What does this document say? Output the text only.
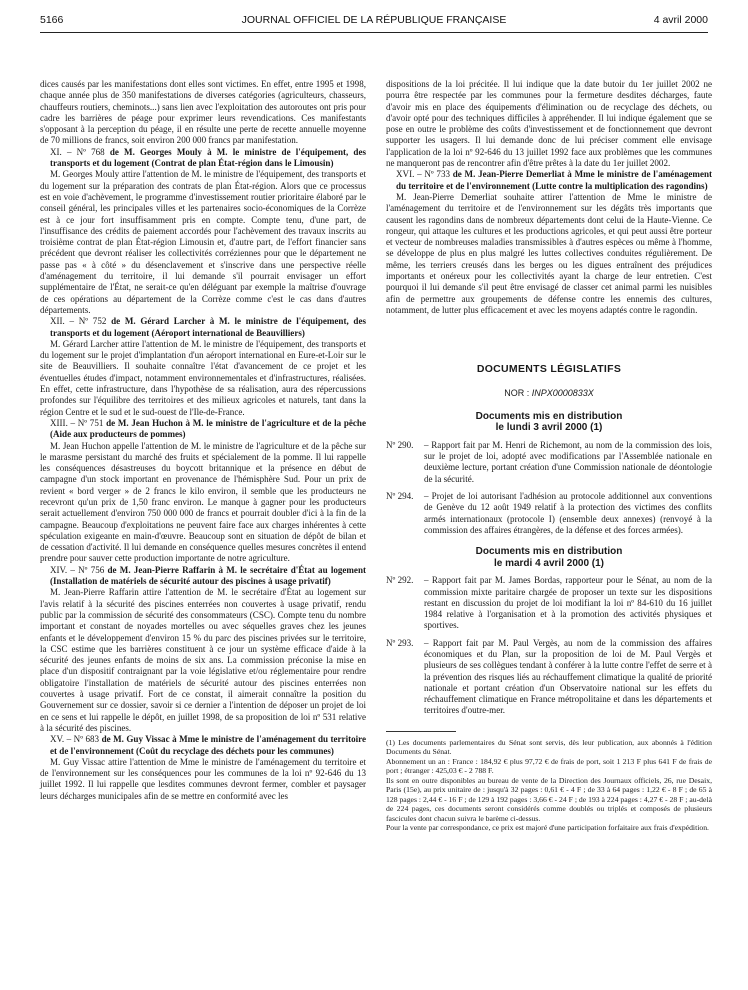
5166	JOURNAL OFFICIEL DE LA RÉPUBLIQUE FRANÇAISE	4 avril 2000

dices causés par les manifestations dont elles sont victimes. En effet, entre 1995 et 1998, chaque année plus de 350 manifestations de diverses catégories (agriculteurs, chasseurs, chauffeurs routiers, cheminots...) sans lien avec l'exploitation des autoroutes ont pris pour cadre les barrières de péage pour exprimer leurs revendications. Ces manifestants s'opposant à la perception du péage, il en résulte une perte de recette annuelle moyenne de 70 millions de francs, soit environ 200 000 francs par manifestation.

XI. – Nº 768 de M. Georges Mouly à M. le ministre de l'équipement, des transports et du logement (Contrat de plan État-région dans le Limousin)

M. Georges Mouly attire l'attention de M. le ministre de l'équipement, des transports et du logement sur la préparation des contrats de plan État-région. Alors que ce processus est en voie d'achèvement, le programme d'investissement routier prioritaire élaboré par le conseil général, les principales villes et les partenaires socio-économiques de la Corrèze est à ce jour fort insuffisamment pris en compte. Compte tenu, d'une part, de l'insuffisance des crédits de paiement accordés pour l'achèvement des travaux inscrits au troisième contrat de plan État-région Limousin et, d'autre part, de l'effort financier sans précédent que devront réaliser les collectivités corréziennes pour que le département ne passe pas « à côté » du désenclavement et s'inscrive dans une perspective réelle d'aménagement du territoire, il lui demande s'il pourrait envisager un effort supplémentaire de l'État, ne serait-ce qu'en déléguant par exemple la maîtrise d'ouvrage de ces opérations au département de la Corrèze comme c'est le cas dans d'autres départements.

XII. – Nº 752 de M. Gérard Larcher à M. le ministre de l'équipement, des transports et du logement (Aéroport international de Beauvilliers)

M. Gérard Larcher attire l'attention de M. le ministre de l'équipement, des transports et du logement sur le projet d'implantation d'un aéroport international en Eure-et-Loir sur le site de Beauvilliers. Il souhaite connaître l'état d'avancement de ce projet et les éventuelles études d'impact, notamment environnementales et d'infrastructures, réalisées. En effet, cette infrastructure, dans l'hypothèse de sa réalisation, aura des répercussions profondes sur l'équilibre des territoires et des milieux agricoles et naturels, tant dans la région Centre et le sud et le sud-ouest de l'Ile-de-France.

XIII. – Nº 751 de M. Jean Huchon à M. le ministre de l'agriculture et de la pêche (Aide aux producteurs de pommes)

M. Jean Huchon appelle l'attention de M. le ministre de l'agriculture et de la pêche sur le marasme persistant du marché des fruits et spécialement de la pomme. Il lui rappelle les conséquences désastreuses du boycott britannique et la présence en début de campagne d'un stock important en provenance de l'hémisphère Sud. Pour un prix de revient « bord verger » de 2 francs le kilo environ, il semble que les producteurs ne recevront qu'un prix de 1,50 franc environ. Le manque à gagner pour les producteurs serait actuellement d'environ 750 000 000 de francs et pourrait doubler d'ici à la fin de la campagne. Beaucoup d'exploitations ne peuvent faire face aux charges inhérentes à cette spéculation exigeante en main-d'œuvre. Beaucoup sont en situation de dépôt de bilan et de cessation d'activité. Il lui demande en conséquence quelles mesures concrètes il entend prendre pour sauver cette production importante de notre agriculture.

XIV. – Nº 756 de M. Jean-Pierre Raffarin à M. le secrétaire d'État au logement (Installation de matériels de sécurité autour des piscines à usage privatif)

M. Jean-Pierre Raffarin attire l'attention de M. le secrétaire d'État au logement sur l'avis relatif à la sécurité des piscines enterrées non couvertes à usage privatif, rendu public par la commission de sécurité des consommateurs (CSC). Compte tenu du nombre important et constant de noyades mortelles ou avec séquelles graves chez les jeunes enfants et le développement d'environ 15 % du parc des piscines privées sur le territoire, la CSC estime que les barrières constituent à ce jour un système efficace d'aide à la sécurité des jeunes enfants de moins de six ans. La commission préconise la mise en place d'un dispositif contraignant par la voie législative et/ou réglementaire pour rendre obligatoire l'installation de matériels de sécurité autour des piscines enterrées non couvertes à usage privatif. Fort de ce constat, il aimerait connaître la position du Gouvernement sur ce dossier, savoir si ce dernier a l'intention de déposer un projet de loi en ce sens et lui rappelle le dépôt, en juillet 1998, de sa proposition de loi nº 531 relative à la sécurité des piscines.

XV. – Nº 683 de M. Guy Vissac à Mme le ministre de l'aménagement du territoire et de l'environnement (Coût du recyclage des déchets pour les communes)

M. Guy Vissac attire l'attention de Mme le ministre de l'aménagement du territoire et de l'environnement sur les conséquences pour les communes de la loi nº 92-646 du 13 juillet 1992. Il lui rappelle que lesdites communes devront fermer, combler et paysager leurs décharges municipales afin de se mettre en conformité avec les

dispositions de la loi précitée. Il lui indique que la date butoir du 1er juillet 2002 ne pourra être respectée par les communes pour la fermeture desdites décharges, faute d'avoir mis en place des équipements d'élimination ou de recyclage des déchets, ou d'avoir opté pour des techniques difficiles à appréhender. Il lui indique également que se pose en outre le problème des coûts d'investissement et de fonctionnement que devront supporter les usagers. Il lui demande donc de lui préciser comment elle envisage l'application de la loi nº 92-646 du 13 juillet 1992 face aux problèmes que les communes ne manqueront pas de rencontrer afin d'être prêtes à la date du 1er juillet 2002.

XVI. – Nº 733 de M. Jean-Pierre Demerliat à Mme le ministre de l'aménagement du territoire et de l'environnement (Lutte contre la multiplication des ragondins)

M. Jean-Pierre Demerliat souhaite attirer l'attention de Mme le ministre de l'aménagement du territoire et de l'environnement sur les dégâts très importants que causent les ragondins dans de nombreux départements dont celui de la Haute-Vienne. Ce rongeur, qui attaque les cultures et les productions agricoles, et qui peut aussi être porteur et vecteur de nombreuses maladies transmissibles à d'autres espèces ou même à l'homme, se développe de plus en plus malgré les luttes collectives conduites régulièrement. De même, les terriers creusés dans les berges ou les digues entraînent des préjudices importants et onéreux pour les collectivités ayant la charge de leur entretien. C'est pourquoi il lui demande s'il peut être envisagé de classer cet animal parmi les nuisibles afin de permettre aux groupements de défense contre les ennemis des cultures, notamment, de lutter plus efficacement et avec les moyens adaptés contre le ragondin.

DOCUMENTS LÉGISLATIFS
NOR : INPX0000833X
Documents mis en distribution
le lundi 3 avril 2000 (1)
Nº 290.	– Rapport fait par M. Henri de Richemont, au nom de la commission des lois, sur le projet de loi, adopté avec modifications par l'Assemblée nationale en deuxième lecture, portant création d'une Commission nationale de déontologie de la sécurité.
Nº 294.	– Projet de loi autorisant l'adhésion au protocole additionnel aux conventions de Genève du 12 août 1949 relatif à la protection des victimes des conflits armés internationaux (protocole I) (ensemble deux annexes) (renvoyé à la commission des affaires étrangères, de la défense et des forces armées).
Documents mis en distribution
le mardi 4 avril 2000 (1)
Nº 292.	– Rapport fait par M. James Bordas, rapporteur pour le Sénat, au nom de la commission mixte paritaire chargée de proposer un texte sur les dispositions restant en discussion du projet de loi modifiant la loi nº 84-610 du 16 juillet 1984 relative à l'organisation et à la promotion des activités physiques et sportives.
Nº 293.	– Rapport fait par M. Paul Vergès, au nom de la commission des affaires économiques et du Plan, sur la proposition de loi de M. Paul Vergès et plusieurs de ses collègues tendant à conférer à la lutte contre l'effet de serre et à la prévention des risques liés au réchauffement climatique la qualité de priorité nationale et portant création d'un Observatoire national sur les effets du réchauffement climatique en France métropolitaine et dans les départements et territoires d'outre-mer.

(1) Les documents parlementaires du Sénat sont servis, dès leur publication, aux abonnés à l'édition Documents du Sénat.

Abonnement un an : France : 184,92 € plus 97,72 € de frais de port, soit 1 213 F plus 641 F de frais de port ; étranger : 425,03 € - 2 788 F.

Ils sont en outre disponibles au bureau de vente de la Direction des Journaux officiels, 26, rue Desaix, Paris (15e), au prix unitaire de : jusqu'à 32 pages : 0,61 € - 4 F ; de 33 à 64 pages : 1,22 € - 8 F ; de 65 à 128 pages : 2,44 € - 16 F ; de 129 à 192 pages : 3,66 € - 24 F ; de 193 à 224 pages : 4,27 € - 28 F ; au-delà de 224 pages, ces documents seront considérés comme doublés ou triplés et composés de plusieurs fascicules dont chacun suivra le barème ci-dessus.

Pour la vente par correspondance, ce prix est majoré d'une participation forfaitaire aux frais d'expédition.
